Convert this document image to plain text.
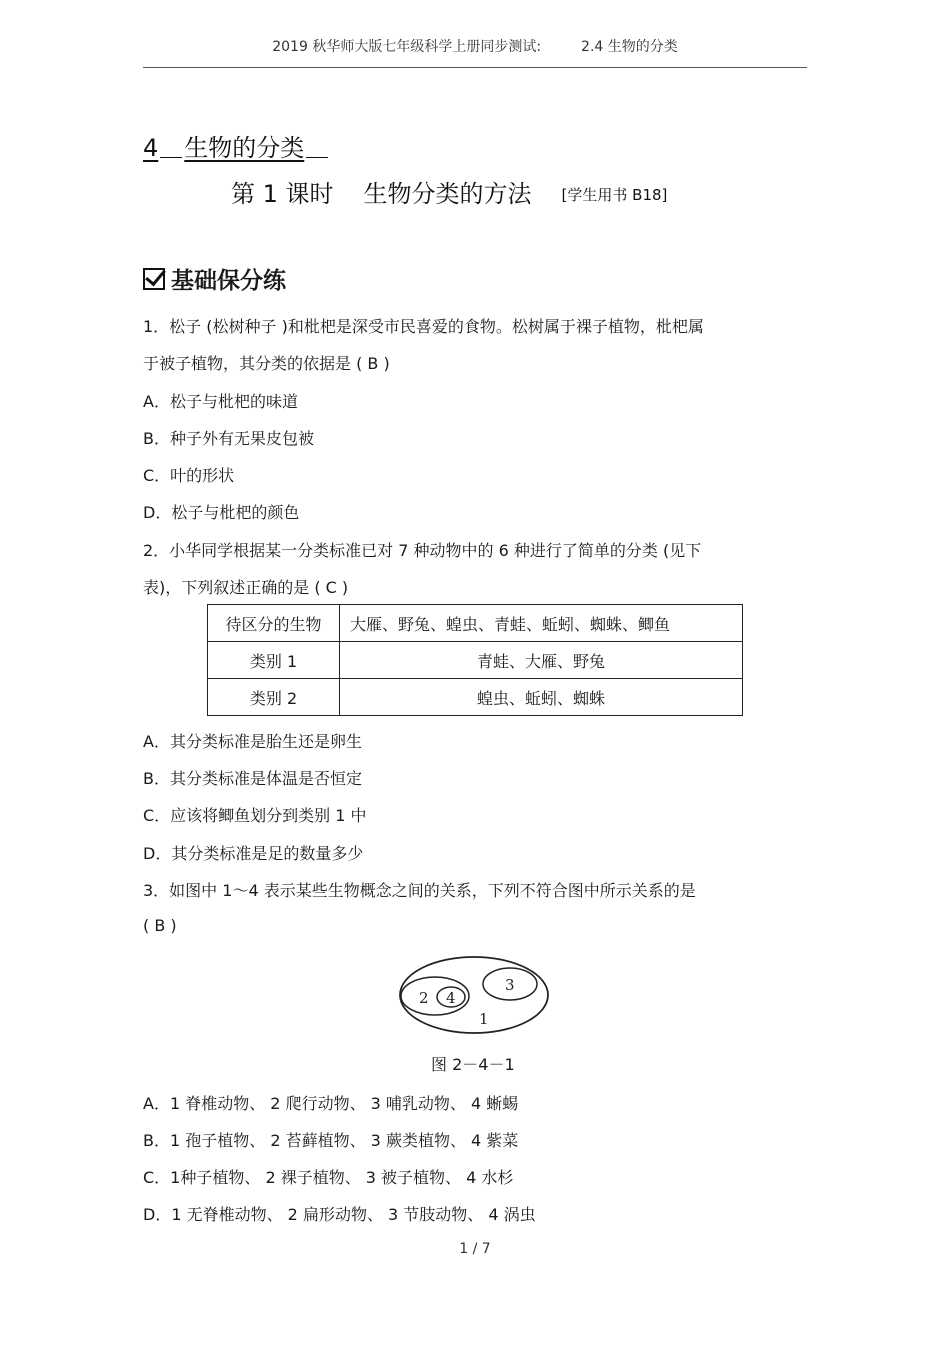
2019 秋华师大版七年级科学上册同步测试:	2.4 生物的分类
4 生物的分类
第 1 课时 生物分类的方法 [学生用书 B18]
基础保分练
1．松子 (松树种子 )和枇杷是深受市民喜爱的食物。松树属于裸子植物，枇杷属
于被子植物，其分类的依据是 ( B )
A．松子与枇杷的味道
B．种子外有无果皮包被
C．叶的形状
D．松子与枇杷的颜色
2．小华同学根据某一分类标准已对 7 种动物中的 6 种进行了简单的分类 (见下
表)，下列叙述正确的是 ( C )
待区分的生物	大雁、野兔、蝗虫、青蛙、蚯蚓、蜘蛛、鲫鱼
类别 1	青蛙、大雁、野兔
类别 2	蝗虫、蚯蚓、蜘蛛
A．其分类标准是胎生还是卵生
B．其分类标准是体温是否恒定
C．应该将鲫鱼划分到类别 1 中
D．其分类标准是足的数量多少
3．如图中 1～4 表示某些生物概念之间的关系，下列不符合图中所示关系的是
( B )
2 4
3
1
图 2－4－1
A．1 脊椎动物、 2 爬行动物、 3 哺乳动物、 4 蜥蜴
B．1 孢子植物、 2 苔藓植物、 3 蕨类植物、 4 紫菜
C．1种子植物、 2 裸子植物、 3 被子植物、 4 水杉
D．1 无脊椎动物、 2 扁形动物、 3 节肢动物、 4 涡虫
1 / 7
